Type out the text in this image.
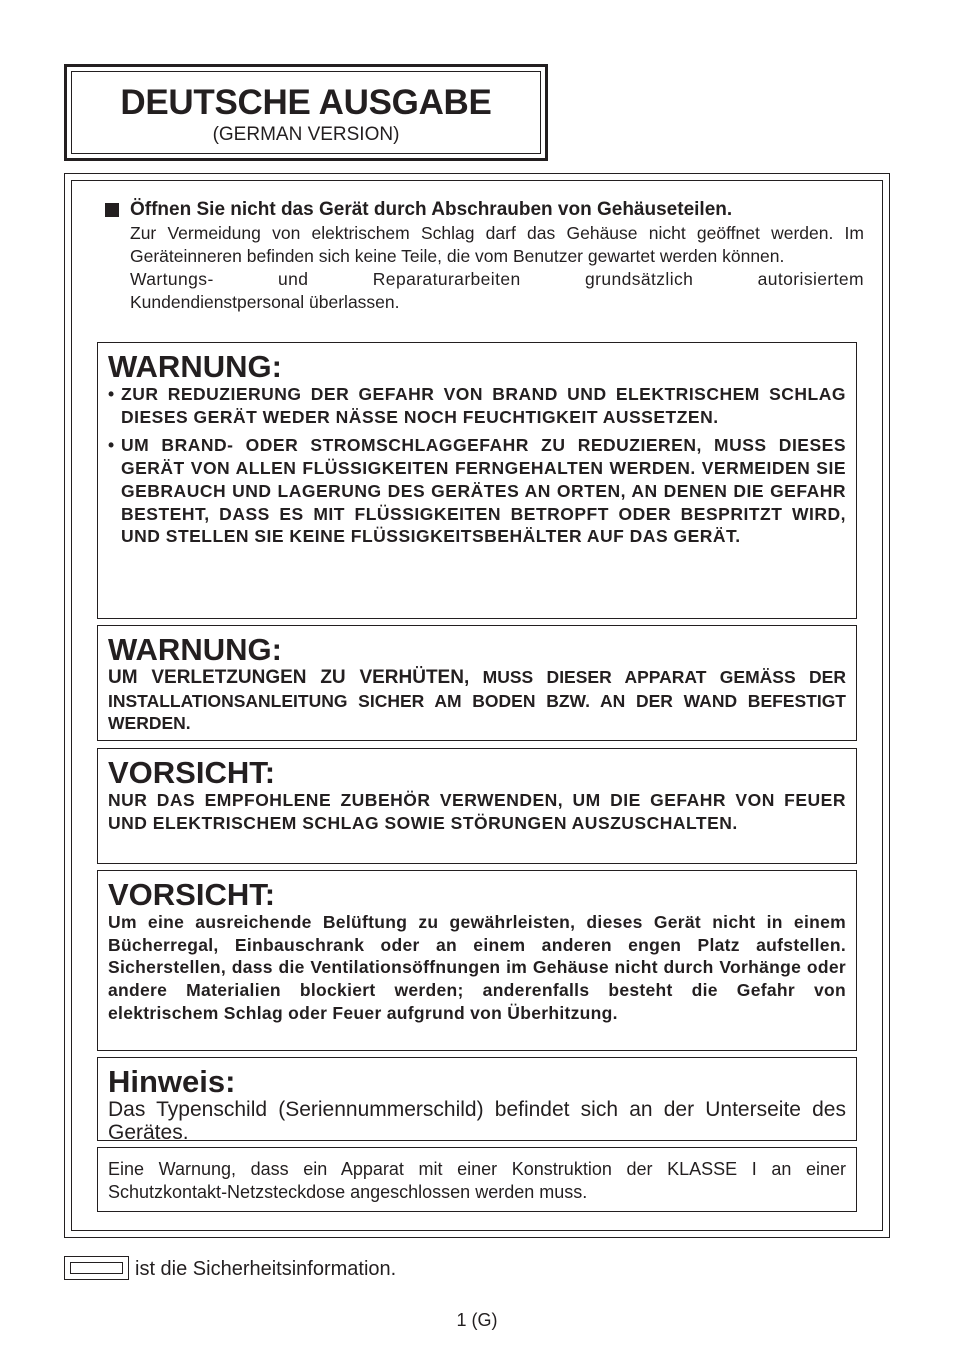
DEUTSCHE AUSGABE
(GERMAN VERSION)
Öffnen Sie nicht das Gerät durch Abschrauben von Gehäuseteilen.
Zur Vermeidung von elektrischem Schlag darf das Gehäuse nicht geöffnet werden. Im Geräteinneren befinden sich keine Teile, die vom Benutzer gewartet werden können.
Wartungs- und Reparaturarbeiten grundsätzlich autorisiertem
Kundendienstpersonal überlassen.
WARNUNG:
• ZUR REDUZIERUNG DER GEFAHR VON BRAND UND ELEKTRISCHEM SCHLAG DIESES GERÄT WEDER NÄSSE NOCH FEUCHTIGKEIT AUSSETZEN.
• UM BRAND- ODER STROMSCHLAGGEFAHR ZU REDUZIEREN, MUSS DIESES GERÄT VON ALLEN FLÜSSIGKEITEN FERNGEHALTEN WERDEN. VERMEIDEN SIE GEBRAUCH UND LAGERUNG DES GERÄTES AN ORTEN, AN DENEN DIE GEFAHR BESTEHT, DASS ES MIT FLÜSSIGKEITEN BETROPFT ODER BESPRITZT WIRD, UND STELLEN SIE KEINE FLÜSSIGKEITSBEHÄLTER AUF DAS GERÄT.
WARNUNG:
UM VERLETZUNGEN ZU VERHÜTEN, MUSS DIESER APPARAT GEMÄSS DER INSTALLATIONSANLEITUNG SICHER AM BODEN BZW. AN DER WAND BEFESTIGT WERDEN.
VORSICHT:
NUR DAS EMPFOHLENE ZUBEHÖR VERWENDEN, UM DIE GEFAHR VON FEUER UND ELEKTRISCHEM SCHLAG SOWIE STÖRUNGEN AUSZUSCHALTEN.
VORSICHT:
Um eine ausreichende Belüftung zu gewährleisten, dieses Gerät nicht in einem Bücherregal, Einbauschrank oder an einem anderen engen Platz aufstellen. Sicherstellen, dass die Ventilationsöffnungen im Gehäuse nicht durch Vorhänge oder andere Materialien blockiert werden; anderenfalls besteht die Gefahr von elektrischem Schlag oder Feuer aufgrund von Überhitzung.
Hinweis:
Das Typenschild (Seriennummerschild) befindet sich an der Unterseite des Gerätes.
Eine Warnung, dass ein Apparat mit einer Konstruktion der KLASSE I an einer Schutzkontakt-Netzsteckdose angeschlossen werden muss.
ist die Sicherheitsinformation.
1 (G)
